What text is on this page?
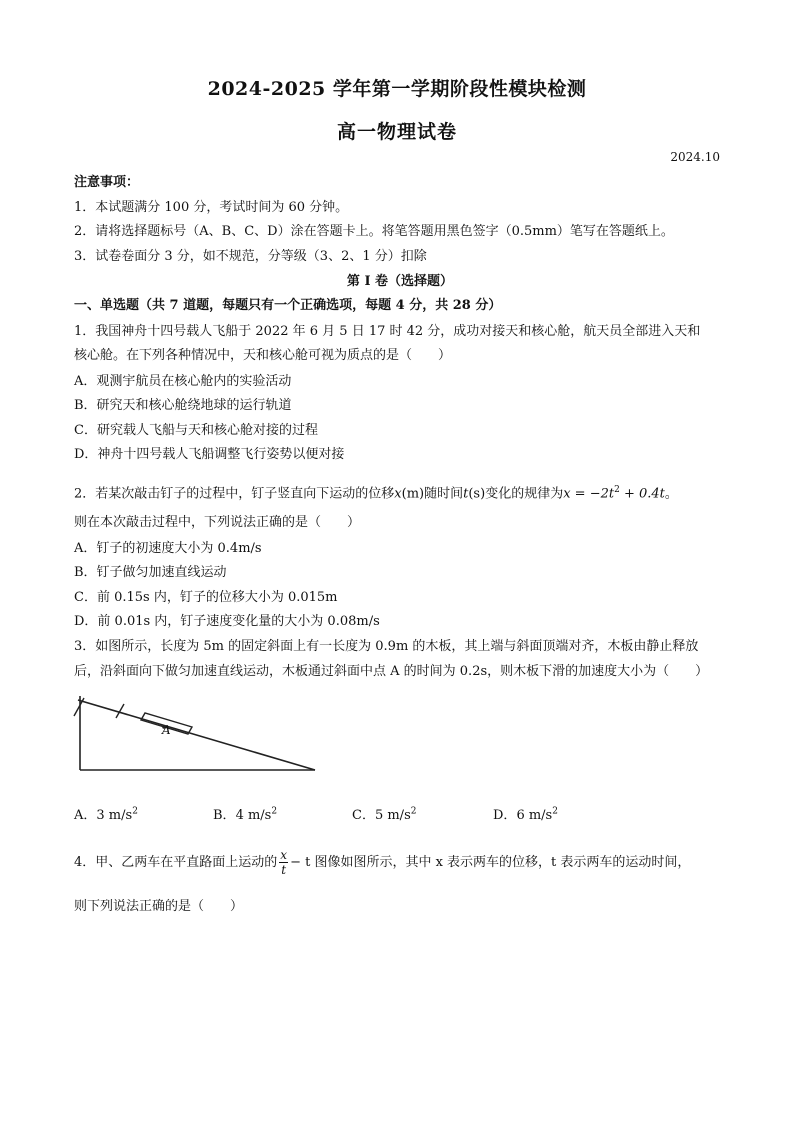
2024-2025 学年第一学期阶段性模块检测
高一物理试卷
2024.10
注意事项：
1．本试题满分 100 分，考试时间为 60 分钟。
2．请将选择题标号（A、B、C、D）涂在答题卡上。将笔答题用黑色签字（0.5mm）笔写在答题纸上。
3．试卷卷面分 3 分，如不规范，分等级（3、2、1 分）扣除
第 I 卷（选择题）
一、单选题（共 7 道题，每题只有一个正确选项，每题 4 分，共 28 分）
1．我国神舟十四号载人飞船于 2022 年 6 月 5 日 17 时 42 分，成功对接天和核心舱，航天员全部进入天和
核心舱。在下列各种情况中，天和核心舱可视为质点的是（　　）
A．观测宇航员在核心舱内的实验活动
B．研究天和核心舱绕地球的运行轨道
C．研究载人飞船与天和核心舱对接的过程
D．神舟十四号载人飞船调整飞行姿势以便对接
2．若某次敲击钉子的过程中，钉子竖直向下运动的位移x(m)随时间t(s)变化的规律为$x = -2t^2 + 0.4t$。
则在本次敲击过程中，下列说法正确的是（　　）
A．钉子的初速度大小为 0.4m/s
B．钉子做匀加速直线运动
C．前 0.15s 内，钉子的位移大小为 0.015m
D．前 0.01s 内，钉子速度变化量的大小为 0.08m/s
3．如图所示，长度为 5m 的固定斜面上有一长度为 0.9m 的木板，其上端与斜面顶端对齐，木板由静止释放
后，沿斜面向下做匀加速直线运动，木板通过斜面中点 A 的时间为 0.2s，则木板下滑的加速度大小为（　　）
A
A．3 $m/s^2$	B．4 $m/s^2$	C．5 $m/s^2$	D．6 $m/s^2$
4．甲、乙两车在平直路面上运动的 $\frac{x}{t} - t$ 图像如图所示，其中 x 表示两车的位移，t 表示两车的运动时间，
则下列说法正确的是（　　）
